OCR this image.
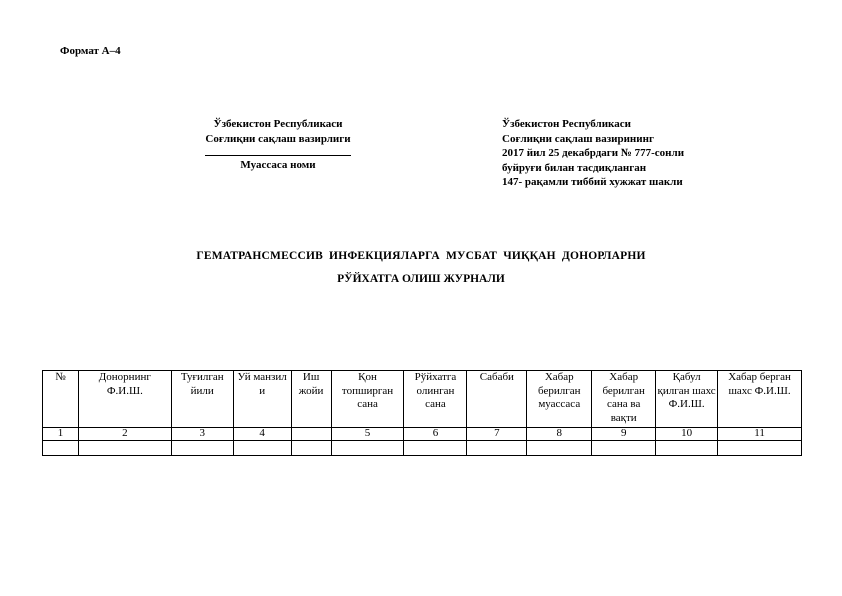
Формат А–4
Ўзбекистон Республикаси
Соғлиқни сақлаш вазирлиги
Муассаса номи
Ўзбекистон Республикаси
Соғлиқни сақлаш вазирининг
2017 йил 25 декабрдаги № 777-сонли
буйруғи билан тасдиқланган
147- рақамли тиббий хужжат шакли
ГЕМАТРАНСМЕССИВ ИНФЕКЦИЯЛАРГА МУСБАТ ЧИҚҚАН ДОНОРЛАРНИ
РЎЙХАТГА ОЛИШ ЖУРНАЛИ
№	Донорнинг Ф.И.Ш.	Туғилган йили	Уй манзил и	Иш жойи	Қон топширган сана	Рўйхатга олинган сана	Сабаби	Хабар берилган муассаса	Хабар берилган сана ва вақти	Қабул қилган шахс Ф.И.Ш.	Хабар берган шахс Ф.И.Ш.
1	2	3	4		5	6	7	8	9	10	11
